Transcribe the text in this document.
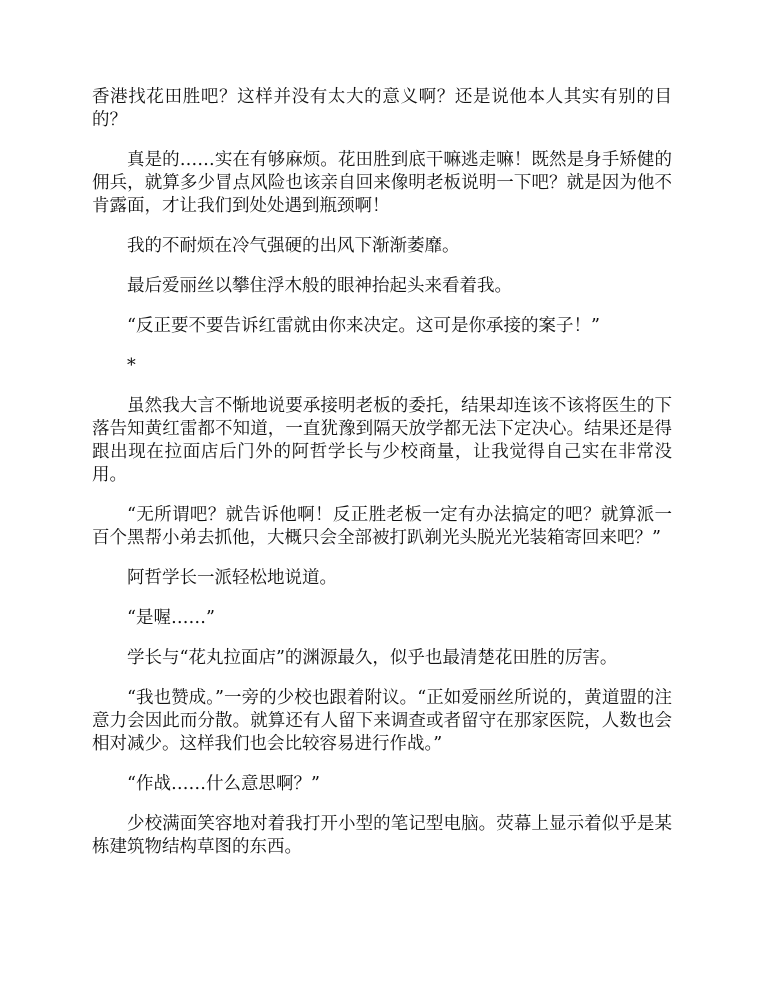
香港找花田胜吧？这样并没有太大的意义啊？还是说他本人其实有别的目的？

真是的……实在有够麻烦。花田胜到底干嘛逃走嘛！既然是身手矫健的佣兵，就算多少冒点风险也该亲自回来像明老板说明一下吧？就是因为他不肯露面，才让我们到处处遇到瓶颈啊！

我的不耐烦在冷气强硬的出风下渐渐萎靡。

最后爱丽丝以攀住浮木般的眼神抬起头来看着我。

“反正要不要告诉红雷就由你来决定。这可是你承接的案子！”

*

虽然我大言不惭地说要承接明老板的委托，结果却连该不该将医生的下落告知黄红雷都不知道，一直犹豫到隔天放学都无法下定决心。结果还是得跟出现在拉面店后门外的阿哲学长与少校商量，让我觉得自己实在非常没用。

“无所谓吧？就告诉他啊！反正胜老板一定有办法搞定的吧？就算派一百个黑帮小弟去抓他，大概只会全部被打趴剃光头脱光光装箱寄回来吧？”

阿哲学长一派轻松地说道。

“是喔……”

学长与“花丸拉面店”的渊源最久，似乎也最清楚花田胜的厉害。

“我也赞成。”一旁的少校也跟着附议。“正如爱丽丝所说的，黄道盟的注意力会因此而分散。就算还有人留下来调查或者留守在那家医院，人数也会相对减少。这样我们也会比较容易进行作战。”

“作战……什么意思啊？”

少校满面笑容地对着我打开小型的笔记型电脑。荧幕上显示着似乎是某栋建筑物结构草图的东西。
